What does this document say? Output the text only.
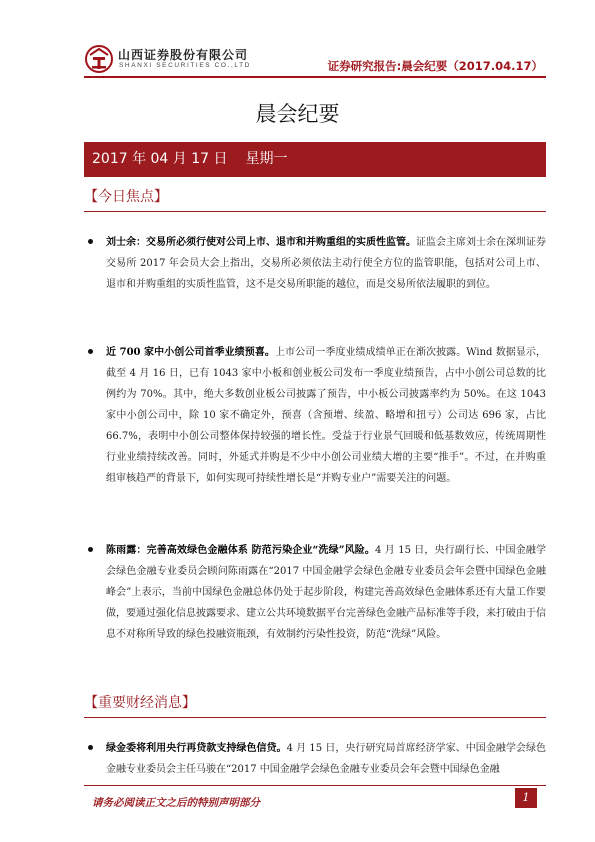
山西证券股份有限公司
SHANXI SECURITIES CO.,LTD	证券研究报告:晨会纪要（2017.04.17）
晨会纪要
2017 年 04 月 17 日 星期一
【今日焦点】
刘士余：交易所必须行使对公司上市、退市和并购重组的实质性监管。证监会主席刘士余在深圳证券交易所 2017 年会员大会上指出，交易所必须依法主动行使全方位的监管职能，包括对公司上市、退市和并购重组的实质性监管，这不是交易所职能的越位，而是交易所依法履职的到位。
近 700 家中小创公司首季业绩预喜。上市公司一季度业绩成绩单正在渐次披露。Wind 数据显示，截至 4 月 16 日，已有 1043 家中小板和创业板公司发布一季度业绩预告，占中小创公司总数的比例约为 70%。其中，绝大多数创业板公司披露了预告，中小板公司披露率约为 50%。在这 1043 家中小创公司中，除 10 家不确定外，预喜（含预增、续盈、略增和扭亏）公司达 696 家，占比 66.7%，表明中小创公司整体保持较强的增长性。受益于行业景气回暖和低基数效应，传统周期性行业业绩持续改善。同时，外延式并购是不少中小创公司业绩大增的主要“推手”。不过，在并购重组审核趋严的背景下，如何实现可持续性增长是“并购专业户”需要关注的问题。
陈雨露：完善高效绿色金融体系 防范污染企业“洗绿”风险。4 月 15 日，央行副行长、中国金融学会绿色金融专业委员会顾问陈雨露在“2017 中国金融学会绿色金融专业委员会年会暨中国绿色金融峰会”上表示，当前中国绿色金融总体仍处于起步阶段，构建完善高效绿色金融体系还有大量工作要做，要通过强化信息披露要求、建立公共环境数据平台完善绿色金融产品标准等手段，来打破由于信息不对称所导致的绿色投融资瓶颈，有效制约污染性投资，防范“洗绿”风险。
【重要财经消息】
绿金委将利用央行再贷款支持绿色信贷。4 月 15 日，央行研究局首席经济学家、中国金融学会绿色金融专业委员会主任马骏在“2017 中国金融学会绿色金融专业委员会年会暨中国绿色金融
请务必阅读正文之后的特别声明部分	1
